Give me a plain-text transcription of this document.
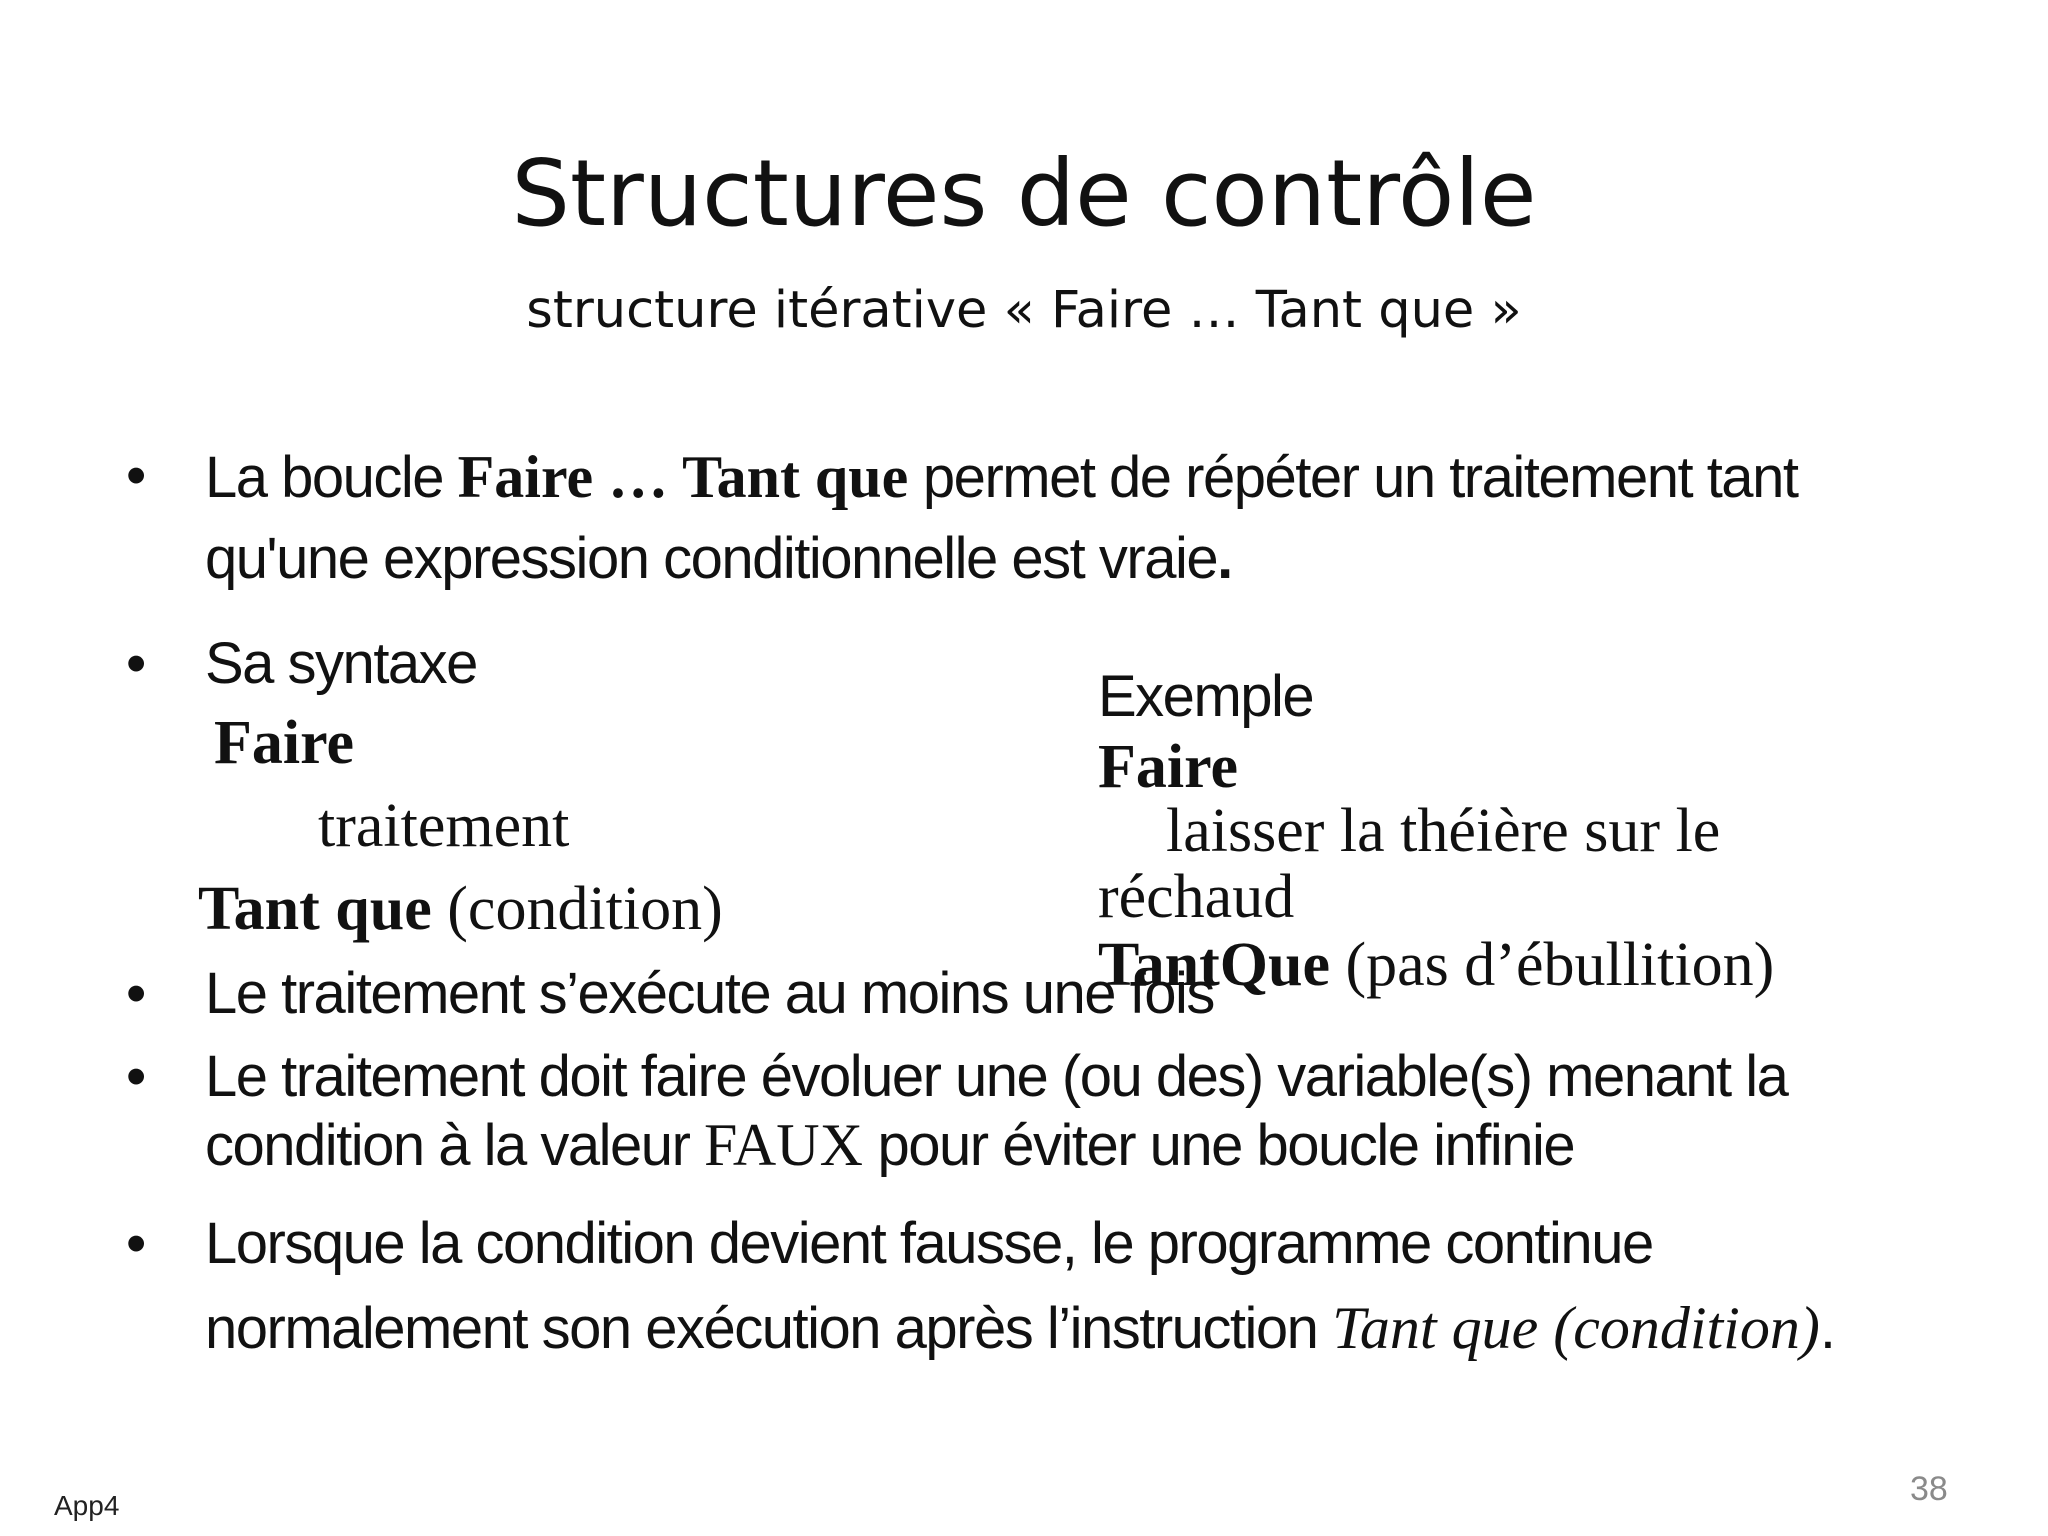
Structures de contrôle
structure itérative « Faire … Tant que »
• La boucle Faire … Tant que permet de répéter un traitement tant
qu'une expression conditionnelle est vraie.
• Sa syntaxe
Faire
traitement
Tant que (condition)
Exemple
Faire
laisser la théière sur le
réchaud
TantQue (pas d’ébullition)
• Le traitement s’exécute au moins une fois
• Le traitement doit faire évoluer une (ou des) variable(s) menant la
condition à la valeur FAUX pour éviter une boucle infinie
• Lorsque la condition devient fausse, le programme continue
normalement son exécution après l’instruction Tant que (condition).
App4	38
